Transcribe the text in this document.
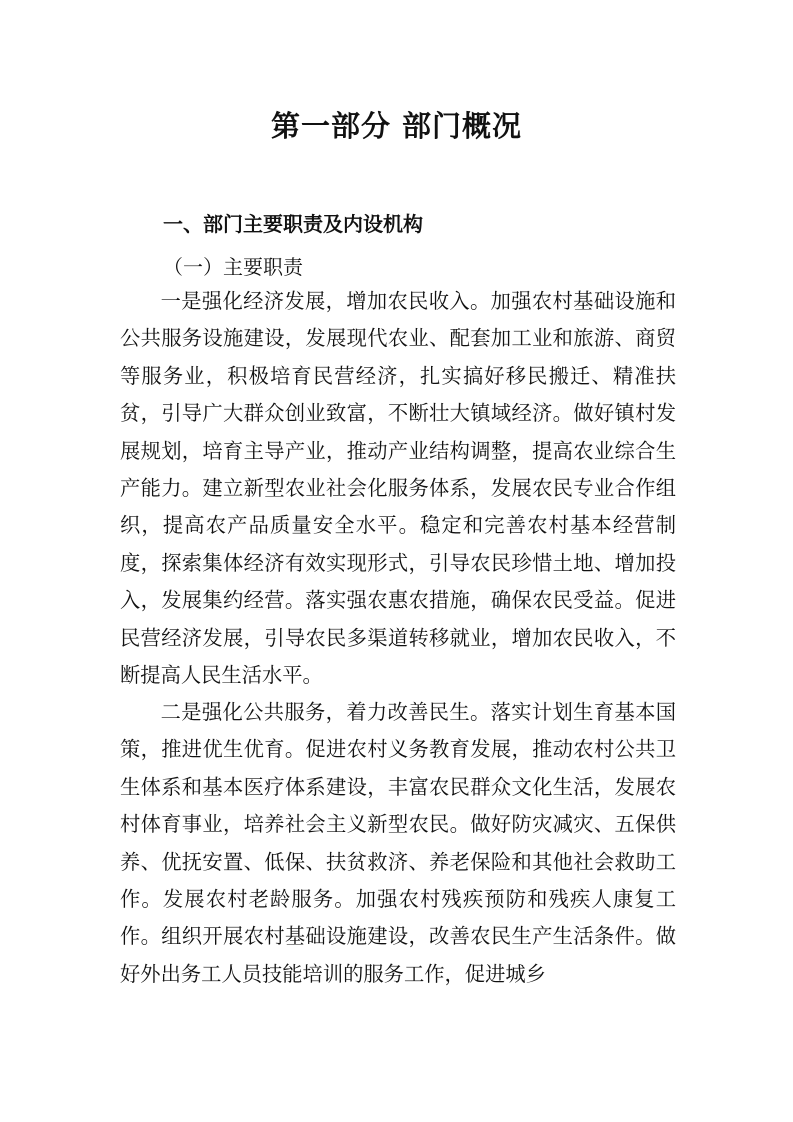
第一部分 部门概况
一、部门主要职责及内设机构
（一）主要职责

一是强化经济发展，增加农民收入。加强农村基础设施和公共服务设施建设，发展现代农业、配套加工业和旅游、商贸等服务业，积极培育民营经济，扎实搞好移民搬迁、精准扶贫，引导广大群众创业致富，不断壮大镇域经济。做好镇村发展规划，培育主导产业，推动产业结构调整，提高农业综合生产能力。建立新型农业社会化服务体系，发展农民专业合作组织，提高农产品质量安全水平。稳定和完善农村基本经营制度，探索集体经济有效实现形式，引导农民珍惜土地、增加投入，发展集约经营。落实强农惠农措施，确保农民受益。促进民营经济发展，引导农民多渠道转移就业，增加农民收入，不断提高人民生活水平。

二是强化公共服务，着力改善民生。落实计划生育基本国策，推进优生优育。促进农村义务教育发展，推动农村公共卫生体系和基本医疗体系建设，丰富农民群众文化生活，发展农村体育事业，培养社会主义新型农民。做好防灾减灾、五保供养、优抚安置、低保、扶贫救济、养老保险和其他社会救助工作。发展农村老龄服务。加强农村残疾预防和残疾人康复工作。组织开展农村基础设施建设，改善农民生产生活条件。做好外出务工人员技能培训的服务工作，促进城乡
